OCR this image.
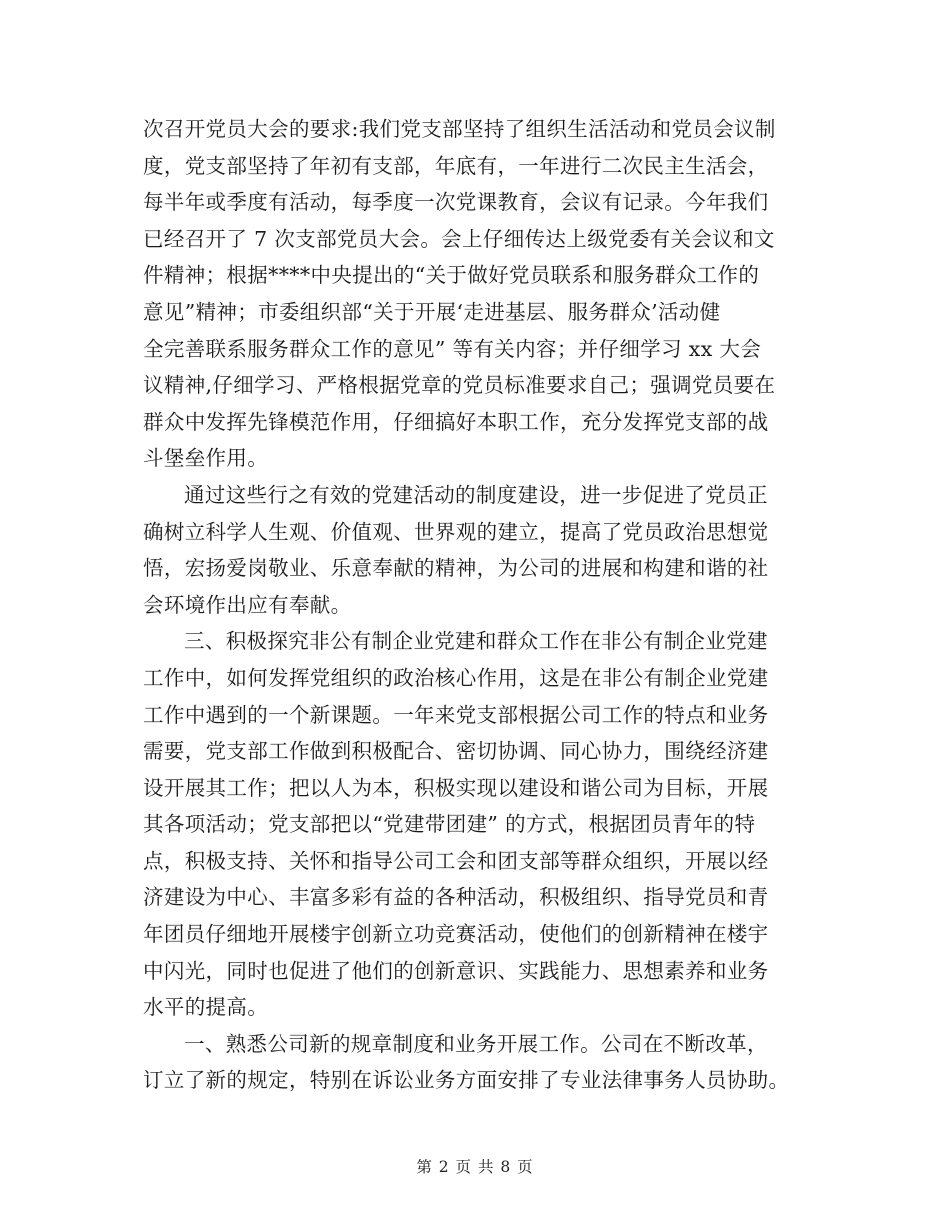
次召开党员大会的要求:我们党支部坚持了组织生活活动和党员会议制
度，党支部坚持了年初有支部，年底有，一年进行二次民主生活会，
每半年或季度有活动，每季度一次党课教育，会议有记录。今年我们
已经召开了 7 次支部党员大会。会上仔细传达上级党委有关会议和文
件精神；根据****中央提出的“关于做好党员联系和服务群众工作的
意见”精神；市委组织部“关于开展‘走进基层、服务群众’活动健
全完善联系服务群众工作的意见” 等有关内容；并仔细学习 xx 大会
议精神,仔细学习、严格根据党章的党员标准要求自己；强调党员要在
群众中发挥先锋模范作用，仔细搞好本职工作，充分发挥党支部的战
斗堡垒作用。
通过这些行之有效的党建活动的制度建设，进一步促进了党员正
确树立科学人生观、价值观、世界观的建立，提高了党员政治思想觉
悟，宏扬爱岗敬业、乐意奉献的精神，为公司的进展和构建和谐的社
会环境作出应有奉献。
三、积极探究非公有制企业党建和群众工作在非公有制企业党建
工作中，如何发挥党组织的政治核心作用，这是在非公有制企业党建
工作中遇到的一个新课题。一年来党支部根据公司工作的特点和业务
需要，党支部工作做到积极配合、密切协调、同心协力，围绕经济建
设开展其工作；把以人为本，积极实现以建设和谐公司为目标，开展
其各项活动；党支部把以“党建带团建” 的方式，根据团员青年的特
点，积极支持、关怀和指导公司工会和团支部等群众组织，开展以经
济建设为中心、丰富多彩有益的各种活动，积极组织、指导党员和青
年团员仔细地开展楼宇创新立功竞赛活动，使他们的创新精神在楼宇
中闪光，同时也促进了他们的创新意识、实践能力、思想素养和业务
水平的提高。
一、熟悉公司新的规章制度和业务开展工作。公司在不断改革，
订立了新的规定，特别在诉讼业务方面安排了专业法律事务人员协助。
第 2 页 共 8 页
